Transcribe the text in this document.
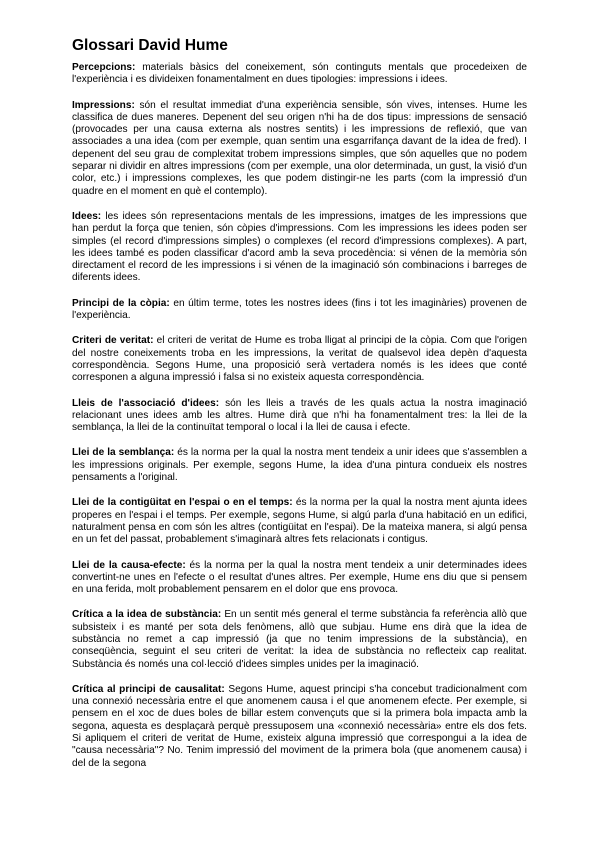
Glossari David Hume

Percepcions: materials bàsics del coneixement, són continguts mentals que procedeixen de l'experiència i es divideixen fonamentalment en dues tipologies: impressions i idees.

Impressions: són el resultat immediat d'una experiència sensible, són vives, intenses. Hume les classifica de dues maneres. Depenent del seu origen n'hi ha de dos tipus: impressions de sensació (provocades per una causa externa als nostres sentits) i les impressions de reflexió, que van associades a una idea (com per exemple, quan sentim una esgarrifança davant de la idea de fred). I depenent del seu grau de complexitat trobem impressions simples, que són aquelles que no podem separar ni dividir en altres impressions (com per exemple, una olor determinada, un gust, la visió d'un color, etc.) i impressions complexes, les que podem distingir-ne les parts (com la impressió d'un quadre en el moment en què el contemplo).

Idees: les idees són representacions mentals de les impressions, imatges de les impressions que han perdut la força que tenien, són còpies d'impressions. Com les impressions les idees poden ser simples (el record d'impressions simples) o complexes (el record d'impressions complexes). A part, les idees també es poden classificar d'acord amb la seva procedència: si vénen de la memòria són directament el record de les impressions i si vénen de la imaginació són combinacions i barreges de diferents idees.

Principi de la còpia: en últim terme, totes les nostres idees (fins i tot les imaginàries) provenen de l'experiència.

Criteri de veritat: el criteri de veritat de Hume es troba lligat al principi de la còpia. Com que l'origen del nostre coneixements troba en les impressions, la veritat de qualsevol idea depèn d'aquesta correspondència. Segons Hume, una proposició serà vertadera només is les idees que conté corresponen a alguna impressió i falsa si no existeix aquesta correspondència.

Lleis de l'associació d'idees: són les lleis a través de les quals actua la nostra imaginació relacionant unes idees amb les altres. Hume dirà que n'hi ha fonamentalment tres: la llei de la semblança, la llei de la continuïtat temporal o local i la llei de causa i efecte.

Llei de la semblança: és la norma per la qual la nostra ment tendeix a unir idees que s'assemblen a les impressions originals. Per exemple, segons Hume, la idea d'una pintura condueix els nostres pensaments a l'original.

Llei de la contigüitat en l'espai o en el temps: és la norma per la qual la nostra ment ajunta idees properes en l'espai i el temps. Per exemple, segons Hume, si algú parla d'una habitació en un edifici, naturalment pensa en com són les altres (contigüitat en l'espai). De la mateixa manera, si algú pensa en un fet del passat, probablement s'imaginarà altres fets relacionats i contigus.

Llei de la causa-efecte: és la norma per la qual la nostra ment tendeix a unir determinades idees convertint-ne unes en l'efecte o el resultat d'unes altres. Per exemple, Hume ens diu que si pensem en una ferida, molt probablement pensarem en el dolor que ens provoca.

Crítica a la idea de substància: En un sentit més general el terme substància fa referència allò que subsisteix i es manté per sota dels fenòmens, allò que subjau. Hume ens dirà que la idea de substància no remet a cap impressió (ja que no tenim impressions de la substància), en conseqüència, seguint el seu criteri de veritat: la idea de substància no reflecteix cap realitat. Substància és només una col·lecció d'idees simples unides per la imaginació.

Crítica al principi de causalitat: Segons Hume, aquest principi s'ha concebut tradicionalment com una connexió necessària entre el que anomenem causa i el que anomenem efecte. Per exemple, si pensem en el xoc de dues boles de billar estem convençuts que si la primera bola impacta amb la segona, aquesta es desplaçarà perquè pressuposem una «connexió necessària» entre els dos fets. Si apliquem el criteri de veritat de Hume, existeix alguna impressió que correspongui a la idea de "causa necessària"? No. Tenim impressió del moviment de la primera bola (que anomenem causa) i del de la segona
